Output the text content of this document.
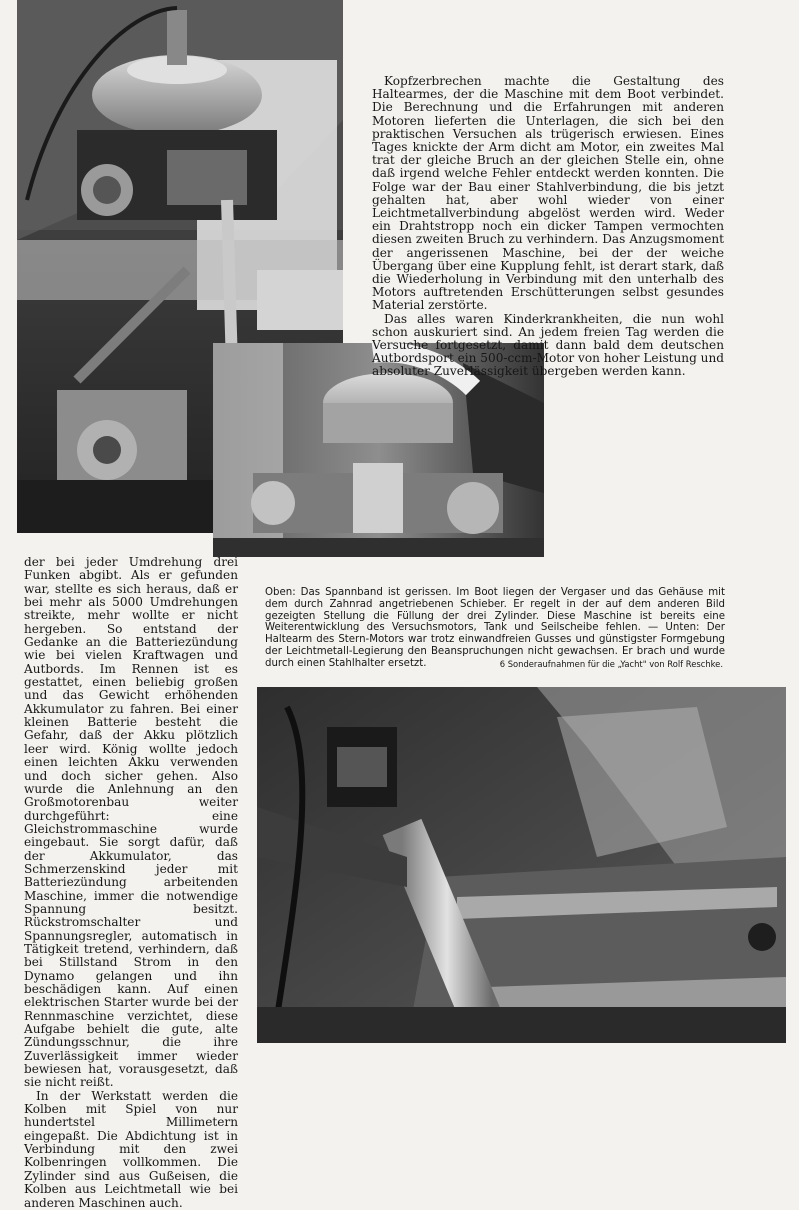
Kopfzerbrechen machte die Gestaltung des Haltearmes, der die Maschine mit dem Boot verbindet. Die Berechnung und die Erfahrungen mit anderen Motoren lieferten die Unterlagen, die sich bei den praktischen Versuchen als trügerisch erwiesen. Eines Tages knickte der Arm dicht am Motor, ein zweites Mal trat der gleiche Bruch an der gleichen Stelle ein, ohne daß irgend welche Fehler entdeckt werden konnten. Die Folge war der Bau einer Stahlverbindung, die bis jetzt gehalten hat, aber wohl wieder von einer Leichtmetallverbindung abgelöst werden wird. Weder ein Drahtstropp noch ein dicker Tampen vermochten diesen zweiten Bruch zu verhindern. Das Anzugsmoment der angerissenen Maschine, bei der der weiche Übergang über eine Kupplung fehlt, ist derart stark, daß die Wiederholung in Verbindung mit den unterhalb des Motors auftretenden Erschütterungen selbst gesundes Material zerstörte.

Das alles waren Kinderkrankheiten, die nun wohl schon auskuriert sind. An jedem freien Tag werden die Versuche fortgesetzt, damit dann bald dem deutschen Autbordsport ein 500-ccm-Motor von hoher Leistung und absoluter Zuverlässigkeit übergeben werden kann.

der bei jeder Umdrehung drei Funken abgibt. Als er gefunden war, stellte es sich heraus, daß er bei mehr als 5000 Umdrehungen streikte, mehr wollte er nicht hergeben. So entstand der Gedanke an die Batteriezündung wie bei vielen Kraftwagen und Autbords. Im Rennen ist es gestattet, einen beliebig großen und das Gewicht erhöhenden Akkumulator zu fahren. Bei einer kleinen Batterie besteht die Gefahr, daß der Akku plötzlich leer wird. König wollte jedoch einen leichten Akku verwenden und doch sicher gehen. Also wurde die Anlehnung an den Großmotorenbau weiter durchgeführt: eine Gleichstrommaschine wurde eingebaut. Sie sorgt dafür, daß der Akkumulator, das Schmerzenskind jeder mit Batteriezündung arbeitenden Maschine, immer die notwendige Spannung besitzt. Rückstromschalter und Spannungsregler, automatisch in Tätigkeit tretend, verhindern, daß bei Stillstand Strom in den Dynamo gelangen und ihn beschädigen kann. Auf einen elektrischen Starter wurde bei der Rennmaschine verzichtet, diese Aufgabe behielt die gute, alte Zündungsschnur, die ihre Zuverlässigkeit immer wieder bewiesen hat, vorausgesetzt, daß sie nicht reißt.

In der Werkstatt werden die Kolben mit Spiel von nur hundertstel Millimetern eingepaßt. Die Abdichtung ist in Verbindung mit den zwei Kolbenringen vollkommen. Die Zylinder sind aus Gußeisen, die Kolben aus Leichtmetall wie bei anderen Maschinen auch.

Oben: Das Spannband ist gerissen. Im Boot liegen der Vergaser und das Gehäuse mit dem durch Zahnrad angetriebenen Schieber. Er regelt in der auf dem anderen Bild gezeigten Stellung die Füllung der drei Zylinder. Diese Maschine ist bereits eine Weiterentwicklung des Versuchsmotors, Tank und Seilscheibe fehlen. — Unten: Der Haltearm des Stern-Motors war trotz einwandfreien Gusses und günstigster Formgebung der Leichtmetall-Legierung den Beanspruchungen nicht gewachsen. Er brach und wurde durch einen Stahlhalter ersetzt.	6 Sonderaufnahmen für die „Yacht" von Rolf Reschke.
